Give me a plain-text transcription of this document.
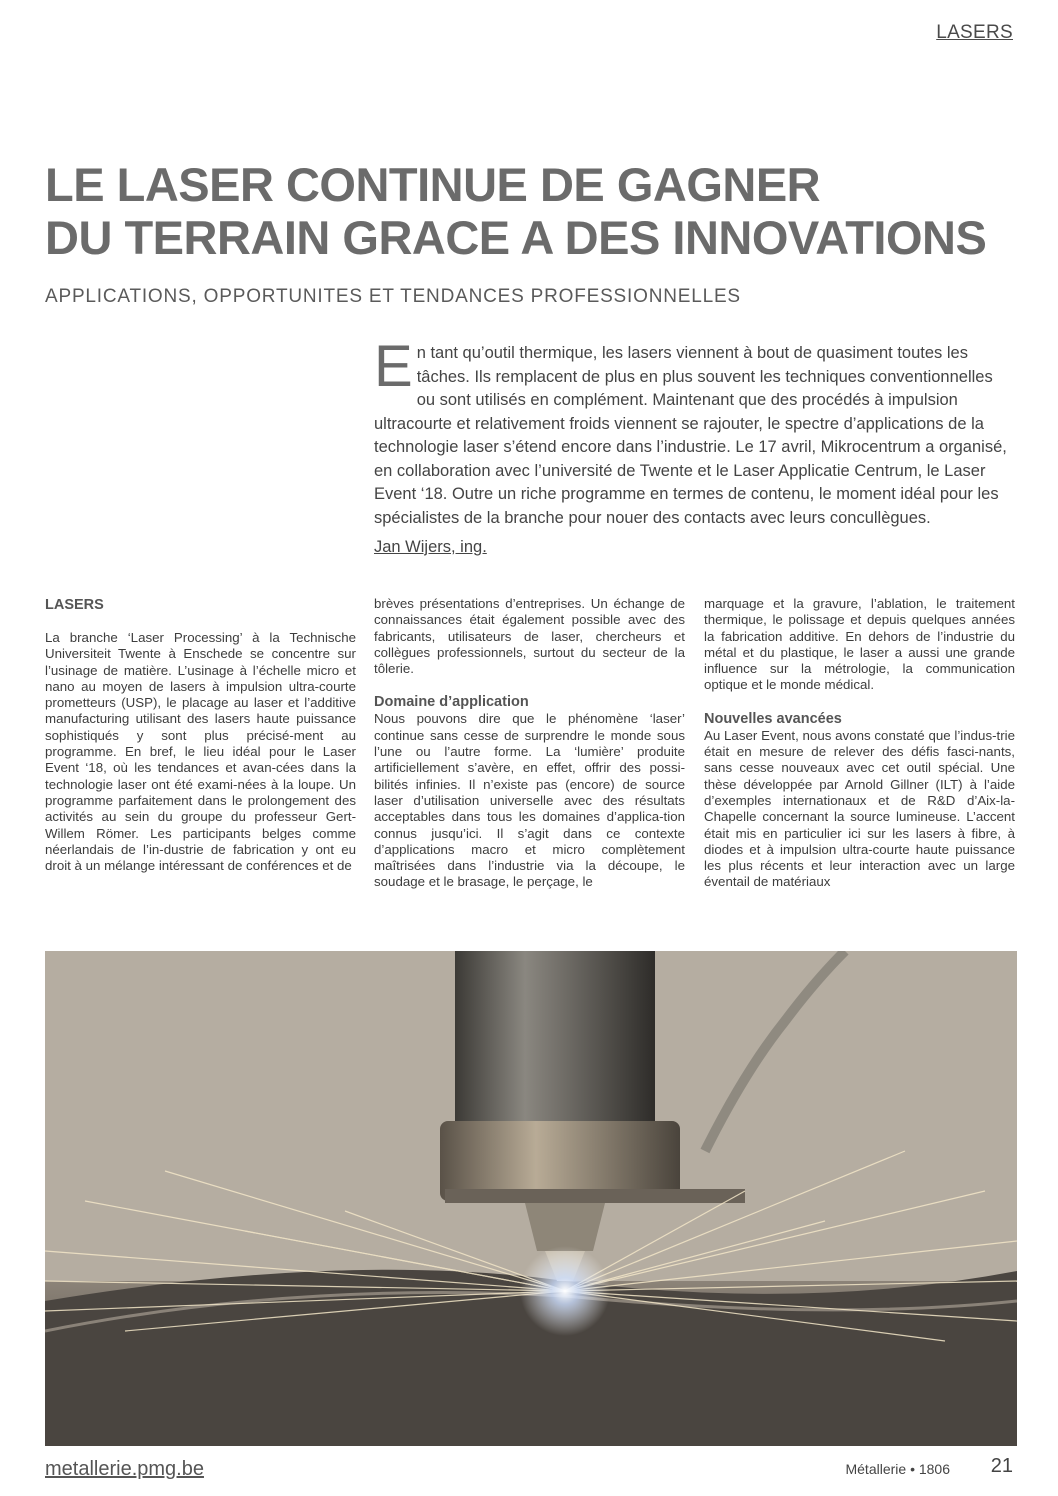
LASERS
LE LASER CONTINUE DE GAGNER
DU TERRAIN GRACE A DES INNOVATIONS
APPLICATIONS, OPPORTUNITES ET TENDANCES PROFESSIONNELLES

En tant qu’outil thermique, les lasers viennent à bout de quasiment toutes les tâches. Ils remplacent de plus en plus souvent les techniques conventionnelles ou sont utilisés en complément. Maintenant que des procédés à impulsion ultracourte et relativement froids viennent se rajouter, le spectre d’applications de la technologie laser s’étend encore dans l’industrie. Le 17 avril, Mikrocentrum a organisé, en collaboration avec l’université de Twente et le Laser Applicatie Centrum, le Laser Event ‘18. Outre un riche programme en termes de contenu, le moment idéal pour les spécialistes de la branche pour nouer des contacts avec leurs concullègues.

Jan Wijers, ing.
LASERS

La branche ‘Laser Processing’ à la Technische Universiteit Twente à Enschede se concentre sur l’usinage de matière. L’usinage à l’échelle micro et nano au moyen de lasers à impulsion ultra-courte prometteurs (USP), le placage au laser et l’additive manufacturing utilisant des lasers haute puissance sophistiqués y sont plus précisé-ment au programme. En bref, le lieu idéal pour le Laser Event ‘18, où les tendances et avan-cées dans la technologie laser ont été exami-nées à la loupe. Un programme parfaitement dans le prolongement des activités au sein du groupe du professeur Gert-Willem Römer. Les participants belges comme néerlandais de l’in-dustrie de fabrication y ont eu droit à un mélange intéressant de conférences et de

brèves présentations d’entreprises. Un échange de connaissances était également possible avec des fabricants, utilisateurs de laser, chercheurs et collègues professionnels, surtout du secteur de la tôlerie.

Domaine d’application

Nous pouvons dire que le phénomène ‘laser’ continue sans cesse de surprendre le monde sous l’une ou l’autre forme. La ‘lumière’ produite artificiellement s’avère, en effet, offrir des possi-bilités infinies. Il n’existe pas (encore) de source laser d’utilisation universelle avec des résultats acceptables dans tous les domaines d’applica-tion connus jusqu’ici. Il s’agit dans ce contexte d’applications macro et micro complètement maîtrisées dans l’industrie via la découpe, le soudage et le brasage, le perçage, le

marquage et la gravure, l’ablation, le traitement thermique, le polissage et depuis quelques années la fabrication additive. En dehors de l’industrie du métal et du plastique, le laser a aussi une grande influence sur la métrologie, la communication optique et le monde médical.

Nouvelles avancées

Au Laser Event, nous avons constaté que l’indus-trie était en mesure de relever des défis fasci-nants, sans cesse nouveaux avec cet outil spécial. Une thèse développée par Arnold Gillner (ILT) à l’aide d’exemples internationaux et de R&D d’Aix-la-Chapelle concernant la source lumineuse. L’accent était mis en particulier ici sur les lasers à fibre, à diodes et à impulsion ultra-courte haute puissance les plus récents et leur interaction avec un large éventail de matériaux

metallerie.pmg.be	Métallerie • 1806 21
